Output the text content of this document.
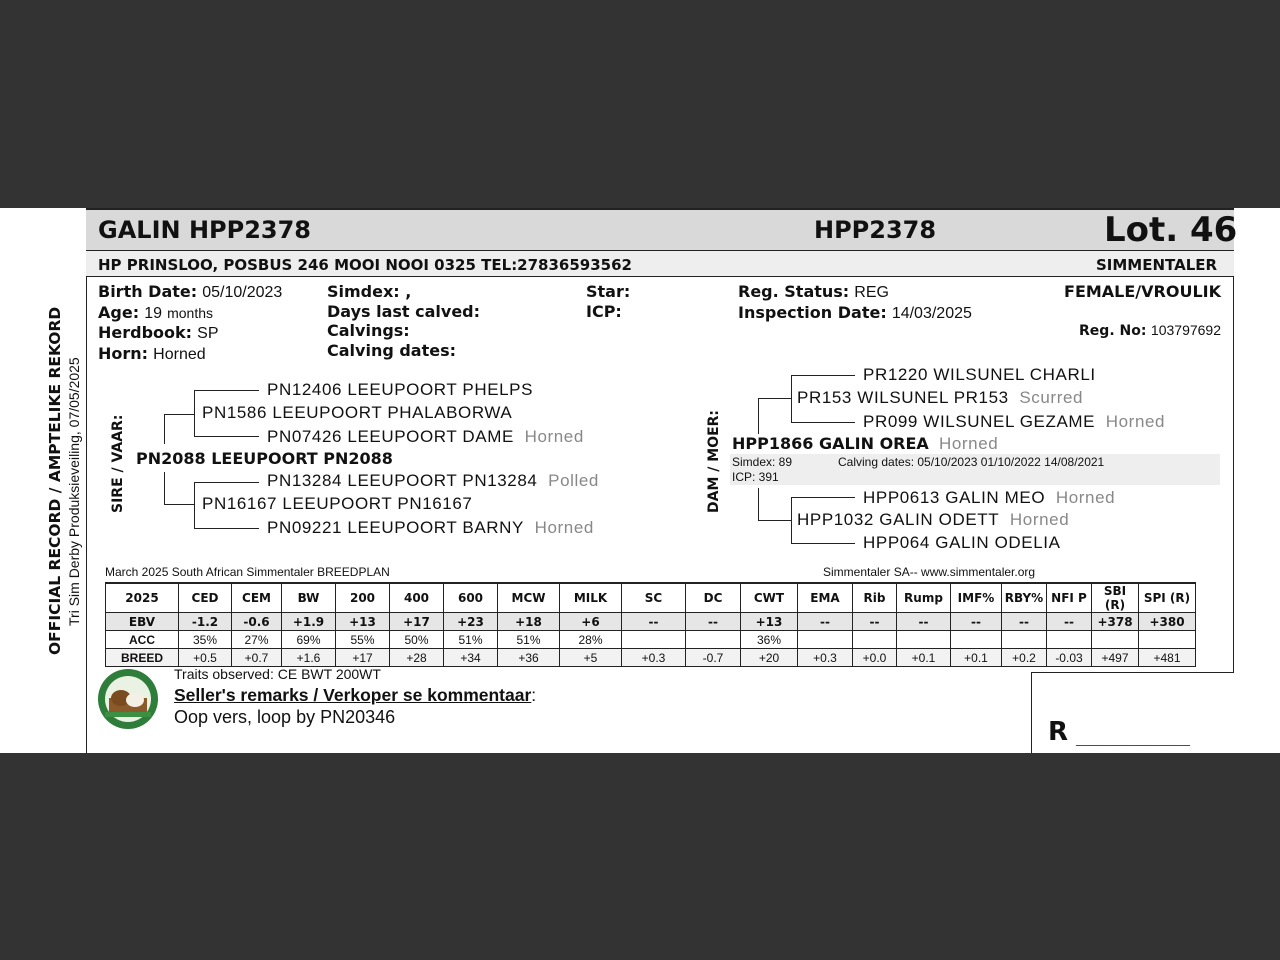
GALIN HPP2378	HPP2378	Lot. 46
HP PRINSLOO, POSBUS 246 MOOI NOOI 0325 TEL:27836593562	SIMMENTALER
Birth Date: 05/10/2023
Age: 19 months
Herdbook: SP
Horn: Horned
Simdex: ,
Days last calved:
Calvings:
Calving dates:
Star:
ICP:
Reg. Status: REG
Inspection Date: 14/03/2025
FEMALE/VROULIK
Reg. No: 103797692
OFFICIAL RECORD / AMPTELIKE REKORD Tri Sim Derby Produksieveiling, 07/05/2025 SIRE / VAAR:
PN12406 LEEUPOORT PHELPS
PN1586 LEEUPOORT PHALABORWA
PN07426 LEEUPOORT DAME Horned
PN2088 LEEUPOORT PN2088
PN13284 LEEUPOORT PN13284 Polled
PN16167 LEEUPOORT PN16167
PN09221 LEEUPOORT BARNY Horned
DAM / MOER:
PR1220 WILSUNEL CHARLI
PR153 WILSUNEL PR153 Scurred
PR099 WILSUNEL GEZAME Horned
HPP1866 GALIN OREA Horned
Simdex: 89	Calving dates: 05/10/2023 01/10/2022 14/08/2021
ICP: 391
HPP0613 GALIN MEO Horned
HPP1032 GALIN ODETT Horned
HPP064 GALIN ODELIA
March 2025 South African Simmentaler BREEDPLAN	Simmentaler SA-- www.simmentaler.org
2025	CED	CEM	BW	200	400	600	MCW	MILK	SC	DC	CWT	EMA	Rib	Rump	IMF%	RBY%	NFI P	SBI (R)	SPI (R)
EBV	-1.2	-0.6	+1.9	+13	+17	+23	+18	+6	--	--	+13	--	--	--	--	--	--	+378	+380
ACC	35%	27%	69%	55%	50%	51%	51%	28%			36%								
BREED	+0.5	+0.7	+1.6	+17	+28	+34	+36	+5	+0.3	-0.7	+20	+0.3	+0.0	+0.1	+0.1	+0.2	-0.03	+497	+481
Traits observed: CE BWT 200WT
Seller's remarks / Verkoper se kommentaar:
Oop vers, loop by PN20346	R ___________________
